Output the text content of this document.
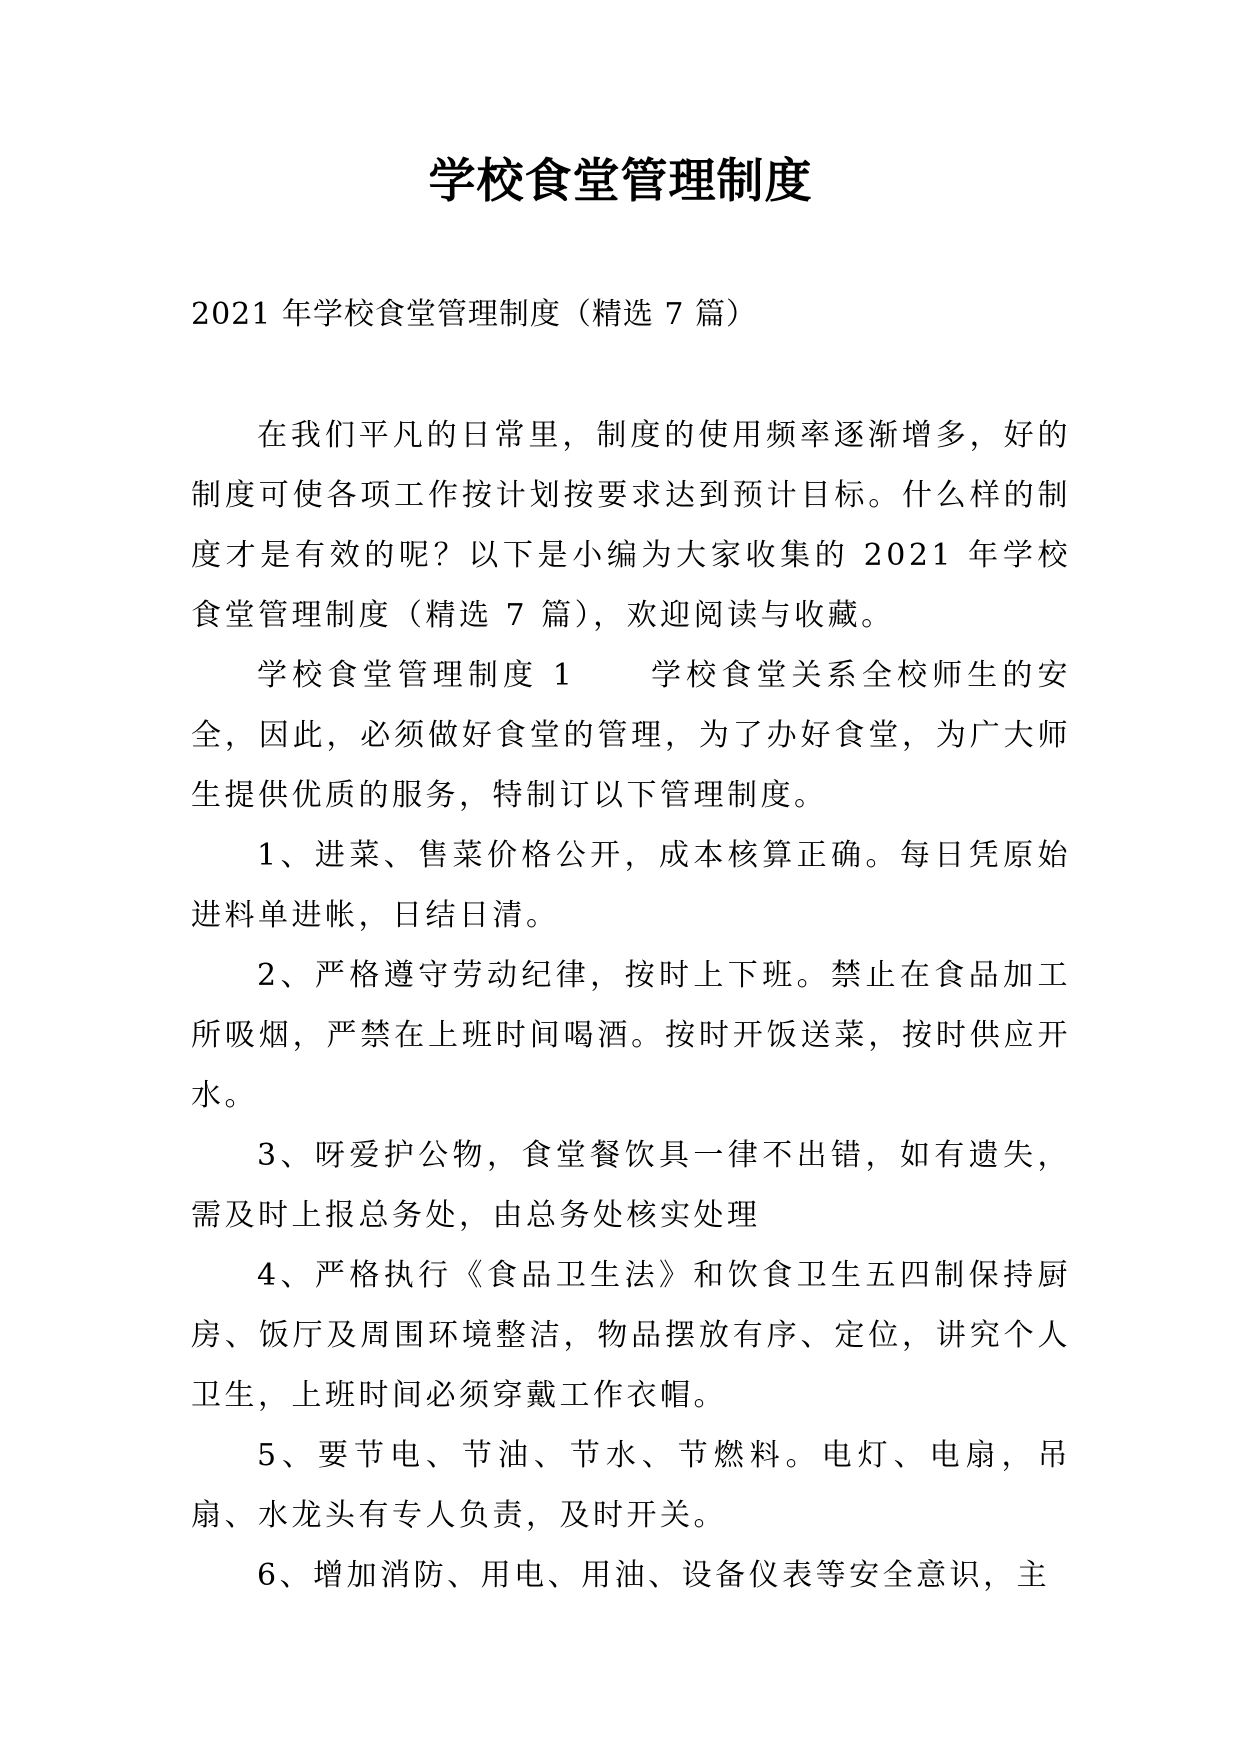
学校食堂管理制度

2021 年学校食堂管理制度（精选 7 篇）

在我们平凡的日常里，制度的使用频率逐渐增多，好的制度可使各项工作按计划按要求达到预计目标。什么样的制度才是有效的呢？以下是小编为大家收集的 2021 年学校食堂管理制度（精选 7 篇），欢迎阅读与收藏。

学校食堂管理制度 1 学校食堂关系全校师生的安全，因此，必须做好食堂的管理，为了办好食堂，为广大师生提供优质的服务，特制订以下管理制度。

1、进菜、售菜价格公开，成本核算正确。每日凭原始进料单进帐，日结日清。

2、严格遵守劳动纪律，按时上下班。禁止在食品加工所吸烟，严禁在上班时间喝酒。按时开饭送菜，按时供应开水。

3、呀爱护公物，食堂餐饮具一律不出错，如有遗失，需及时上报总务处，由总务处核实处理

4、严格执行《食品卫生法》和饮食卫生五四制保持厨房、饭厅及周围环境整洁，物品摆放有序、定位，讲究个人卫生，上班时间必须穿戴工作衣帽。

5、要节电、节油、节水、节燃料。电灯、电扇，吊扇、水龙头有专人负责，及时开关。

6、增加消防、用电、用油、设备仪表等安全意识，主
